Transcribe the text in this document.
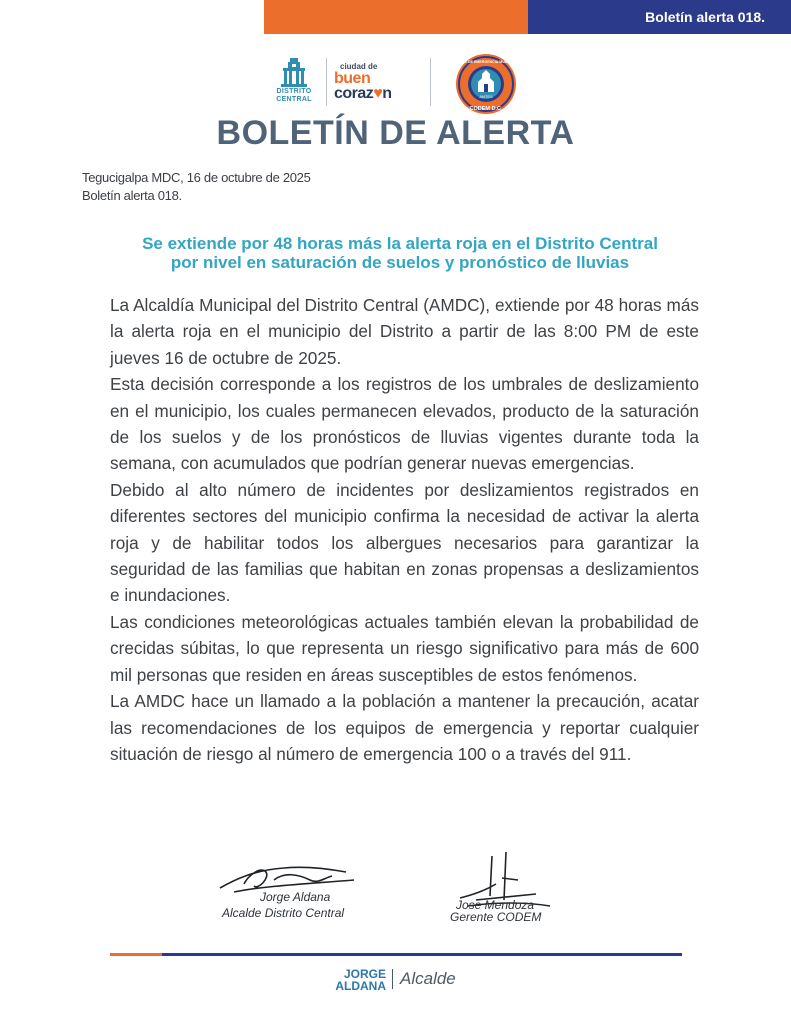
Boletín alerta 018.
DISTRITO
CENTRAL
ciudad de
buen
coraz♥n	ANTES
CODEM D.C.
COMITÉ DE EMERGENCIA MUNICIPAL
BOLETÍN DE ALERTA
Tegucigalpa MDC, 16 de octubre de 2025
Boletín alerta 018.
Se extiende por 48 horas más la alerta roja en el Distrito Central
por nivel en saturación de suelos y pronóstico de lluvias

La Alcaldía Municipal del Distrito Central (AMDC), extiende por 48 horas más la alerta roja en el municipio del Distrito a partir de las 8:00 PM de este jueves 16 de octubre de 2025.

Esta decisión corresponde a los registros de los umbrales de deslizamiento en el municipio, los cuales permanecen elevados, producto de la saturación de los suelos y de los pronósticos de lluvias vigentes durante toda la semana, con acumulados que podrían generar nuevas emergencias.

Debido al alto número de incidentes por deslizamientos registrados en diferentes sectores del municipio confirma la necesidad de activar la alerta roja y de habilitar todos los albergues necesarios para garantizar la seguridad de las familias que habitan en zonas propensas a deslizamientos e inundaciones.

Las condiciones meteorológicas actuales también elevan la probabilidad de crecidas súbitas, lo que representa un riesgo significativo para más de 600 mil personas que residen en áreas susceptibles de estos fenómenos.

La AMDC hace un llamado a la población a mantener la precaución, acatar las recomendaciones de los equipos de emergencia y reportar cualquier situación de riesgo al número de emergencia 100 o a través del 911.

Jorge Aldana
Alcalde Distrito Central
Jose Mendoza
Gerente CODEM
JORGE
ALDANA Alcalde
